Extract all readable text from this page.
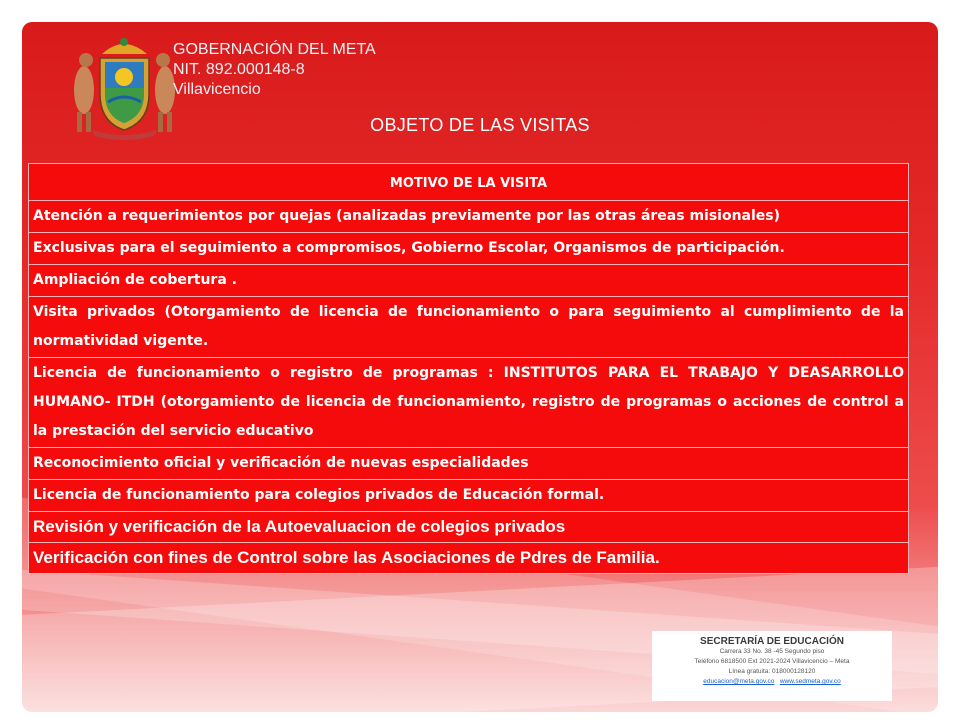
GOBERNACIÓN DEL META
NIT. 892.000148-8
Villavicencio
OBJETO DE LAS VISITAS
MOTIVO DE LA VISITA
Atención a requerimientos por quejas (analizadas previamente por las otras áreas misionales)
Exclusivas para el seguimiento a compromisos, Gobierno Escolar, Organismos de participación.
Ampliación de cobertura .
Visita privados (Otorgamiento de licencia de funcionamiento o para seguimiento al cumplimiento de la normatividad vigente.
Licencia de funcionamiento o registro de programas : INSTITUTOS PARA EL TRABAJO Y DEASARROLLO HUMANO- ITDH (otorgamiento de licencia de funcionamiento, registro de programas o acciones de control a la prestación del servicio educativo
Reconocimiento oficial y verificación de nuevas especialidades
Licencia de funcionamiento para colegios privados de Educación formal.
Revisión y verificación de la Autoevaluacion de colegios privados
Verificación con fines de Control sobre las Asociaciones de Pdres de Familia.
SECRETARÍA DE EDUCACIÓN
Carrera 33 No. 38 -45 Segundo piso
Teléfono 6818500 Ext 2021-2024 Villavicencio – Meta
Línea gratuita: 018000128120
educacion@meta.gov.co www.sedmeta.gov.co
